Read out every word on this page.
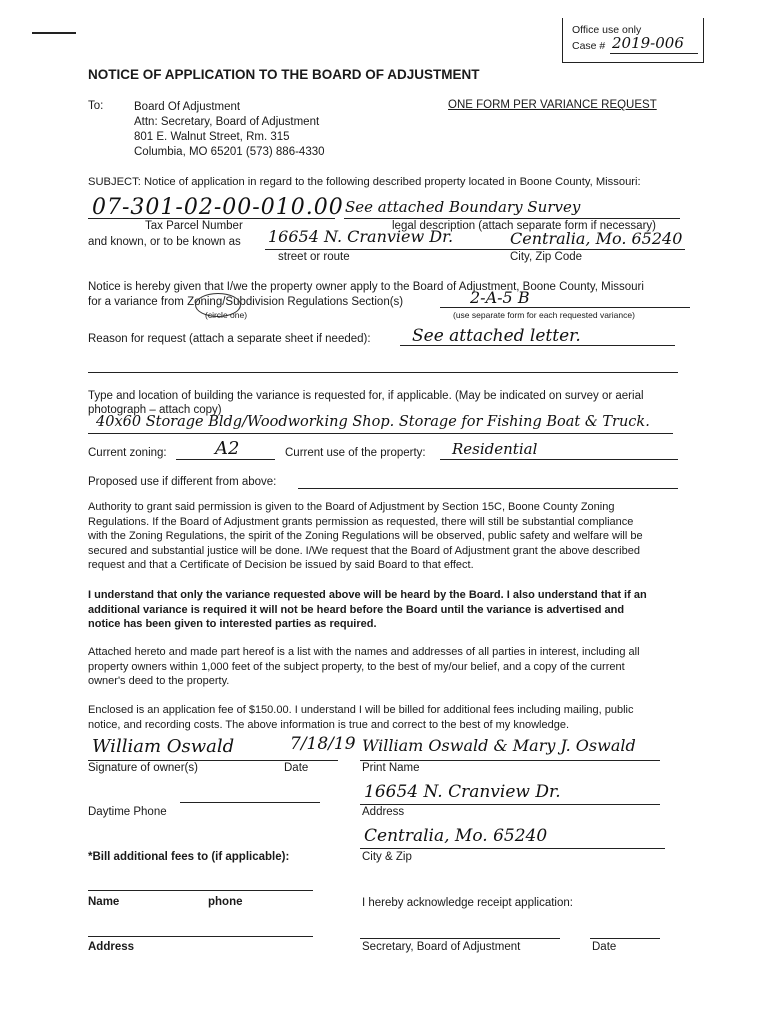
Office use only
Case # 2019-006
NOTICE OF APPLICATION TO THE BOARD OF ADJUSTMENT
To:	Board Of Adjustment
Attn: Secretary, Board of Adjustment
801 E. Walnut Street, Rm. 315
Columbia, MO 65201 (573) 886-4330
ONE FORM PER VARIANCE REQUEST
SUBJECT: Notice of application in regard to the following described property located in Boone County, Missouri:
07-301-02-00-010.00 See attached Boundary Survey
Tax Parcel Number	legal description (attach separate form if necessary)
and known, or to be known as 16654 N. Cranview Dr.	Centralia, Mo. 65240
street or route	City, Zip Code
Notice is hereby given that I/we the property owner apply to the Board of Adjustment, Boone County, Missouri
for a variance from Zoning/Subdivision Regulations Section(s)	2-A-5 B
(circle one)	(use separate form for each requested variance)
Reason for request (attach a separate sheet if needed): See attached letter.
Type and location of building the variance is requested for, if applicable. (May be indicated on survey or aerial
photograph – attach copy)
40x60 Storage Bldg/Woodworking Shop. Storage for Fishing Boat & Truck.
Current zoning:	A2	Current use of the property: Residential
Proposed use if different from above:
Authority to grant said permission is given to the Board of Adjustment by Section 15C, Boone County Zoning
Regulations. If the Board of Adjustment grants permission as requested, there will still be substantial compliance
with the Zoning Regulations, the spirit of the Zoning Regulations will be observed, public safety and welfare will be
secured and substantial justice will be done. I/We request that the Board of Adjustment grant the above described
request and that a Certificate of Decision be issued by said Board to that effect.
I understand that only the variance requested above will be heard by the Board. I also understand that if an
additional variance is required it will not be heard before the Board until the variance is advertised and
notice has been given to interested parties as required.
Attached hereto and made part hereof is a list with the names and addresses of all parties in interest, including all
property owners within 1,000 feet of the subject property, to the best of my/our belief, and a copy of the current
owner's deed to the property.
Enclosed is an application fee of $150.00. I understand I will be billed for additional fees including mailing, public
notice, and recording costs. The above information is true and correct to the best of my knowledge.
William Oswald	7/18/19 William Oswald & Mary J. Oswald
Signature of owner(s)	Date	Print Name
Daytime Phone
16654 N. Cranview Dr.
Address
*Bill additional fees to (if applicable):
Centralia, Mo. 65240
City & Zip
Name	phone	I hereby acknowledge receipt application:
Address	Secretary, Board of Adjustment	Date
